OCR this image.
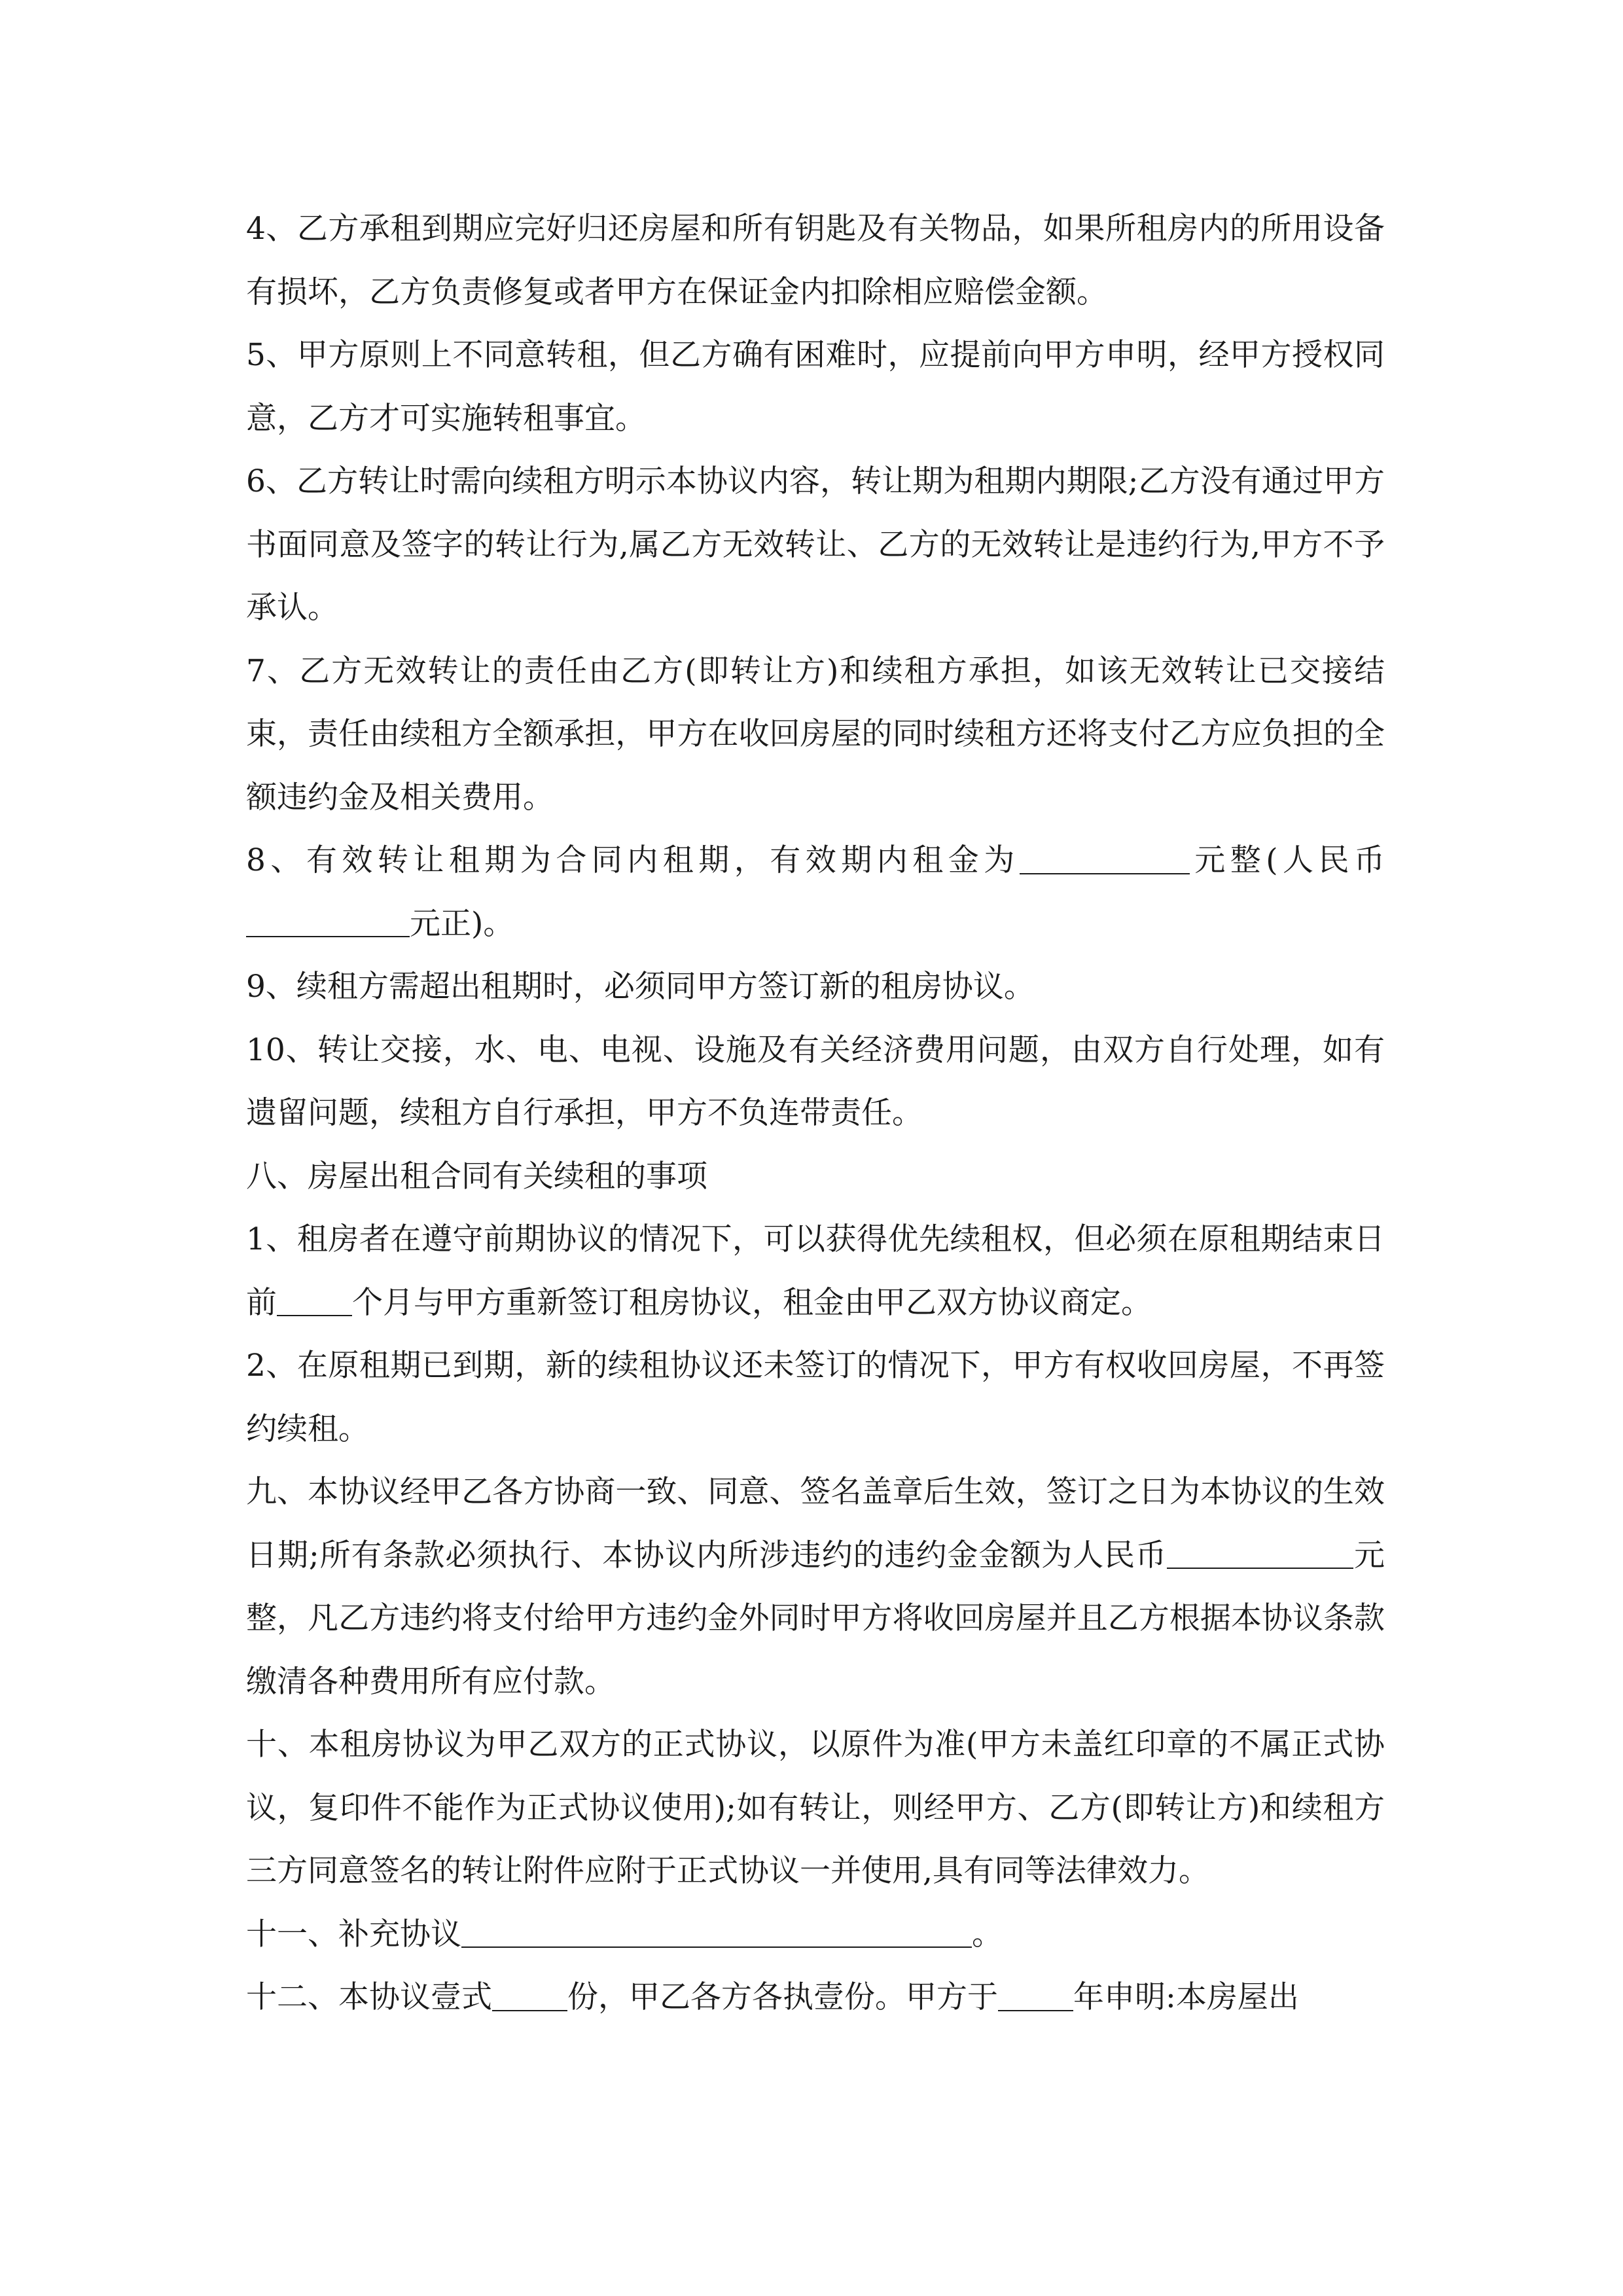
4、乙方承租到期应完好归还房屋和所有钥匙及有关物品，如果所租房内的所用设备有损坏，乙方负责修复或者甲方在保证金内扣除相应赔偿金额。

5、甲方原则上不同意转租，但乙方确有困难时，应提前向甲方申明，经甲方授权同意，乙方才可实施转租事宜。

6、乙方转让时需向续租方明示本协议内容，转让期为租期内期限;乙方没有通过甲方书面同意及签字的转让行为,属乙方无效转让、乙方的无效转让是违约行为,甲方不予承认。

7、乙方无效转让的责任由乙方(即转让方)和续租方承担，如该无效转让已交接结束，责任由续租方全额承担，甲方在收回房屋的同时续租方还将支付乙方应负担的全额违约金及相关费用。

8、有效转让租期为合同内租期，有效期内租金为	元整(人民币元正)。

9、续租方需超出租期时，必须同甲方签订新的租房协议。

10、转让交接，水、电、电视、设施及有关经济费用问题，由双方自行处理，如有遗留问题，续租方自行承担，甲方不负连带责任。

八、房屋出租合同有关续租的事项

1、租房者在遵守前期协议的情况下，可以获得优先续租权，但必须在原租期结束日前 个月与甲方重新签订租房协议，租金由甲乙双方协议商定。

2、在原租期已到期，新的续租协议还未签订的情况下，甲方有权收回房屋，不再签约续租。

九、本协议经甲乙各方协商一致、同意、签名盖章后生效，签订之日为本协议的生效日期;所有条款必须执行、本协议内所涉违约的违约金金额为人民币	元整，凡乙方违约将支付给甲方违约金外同时甲方将收回房屋并且乙方根据本协议条款缴清各种费用所有应付款。

十、本租房协议为甲乙双方的正式协议，以原件为准(甲方未盖红印章的不属正式协议，复印件不能作为正式协议使用);如有转让，则经甲方、乙方(即转让方)和续租方三方同意签名的转让附件应附于正式协议一并使用,具有同等法律效力。

十一、补充协议	。

十二、本协议壹式 份，甲乙各方各执壹份。甲方于 年申明:本房屋出
